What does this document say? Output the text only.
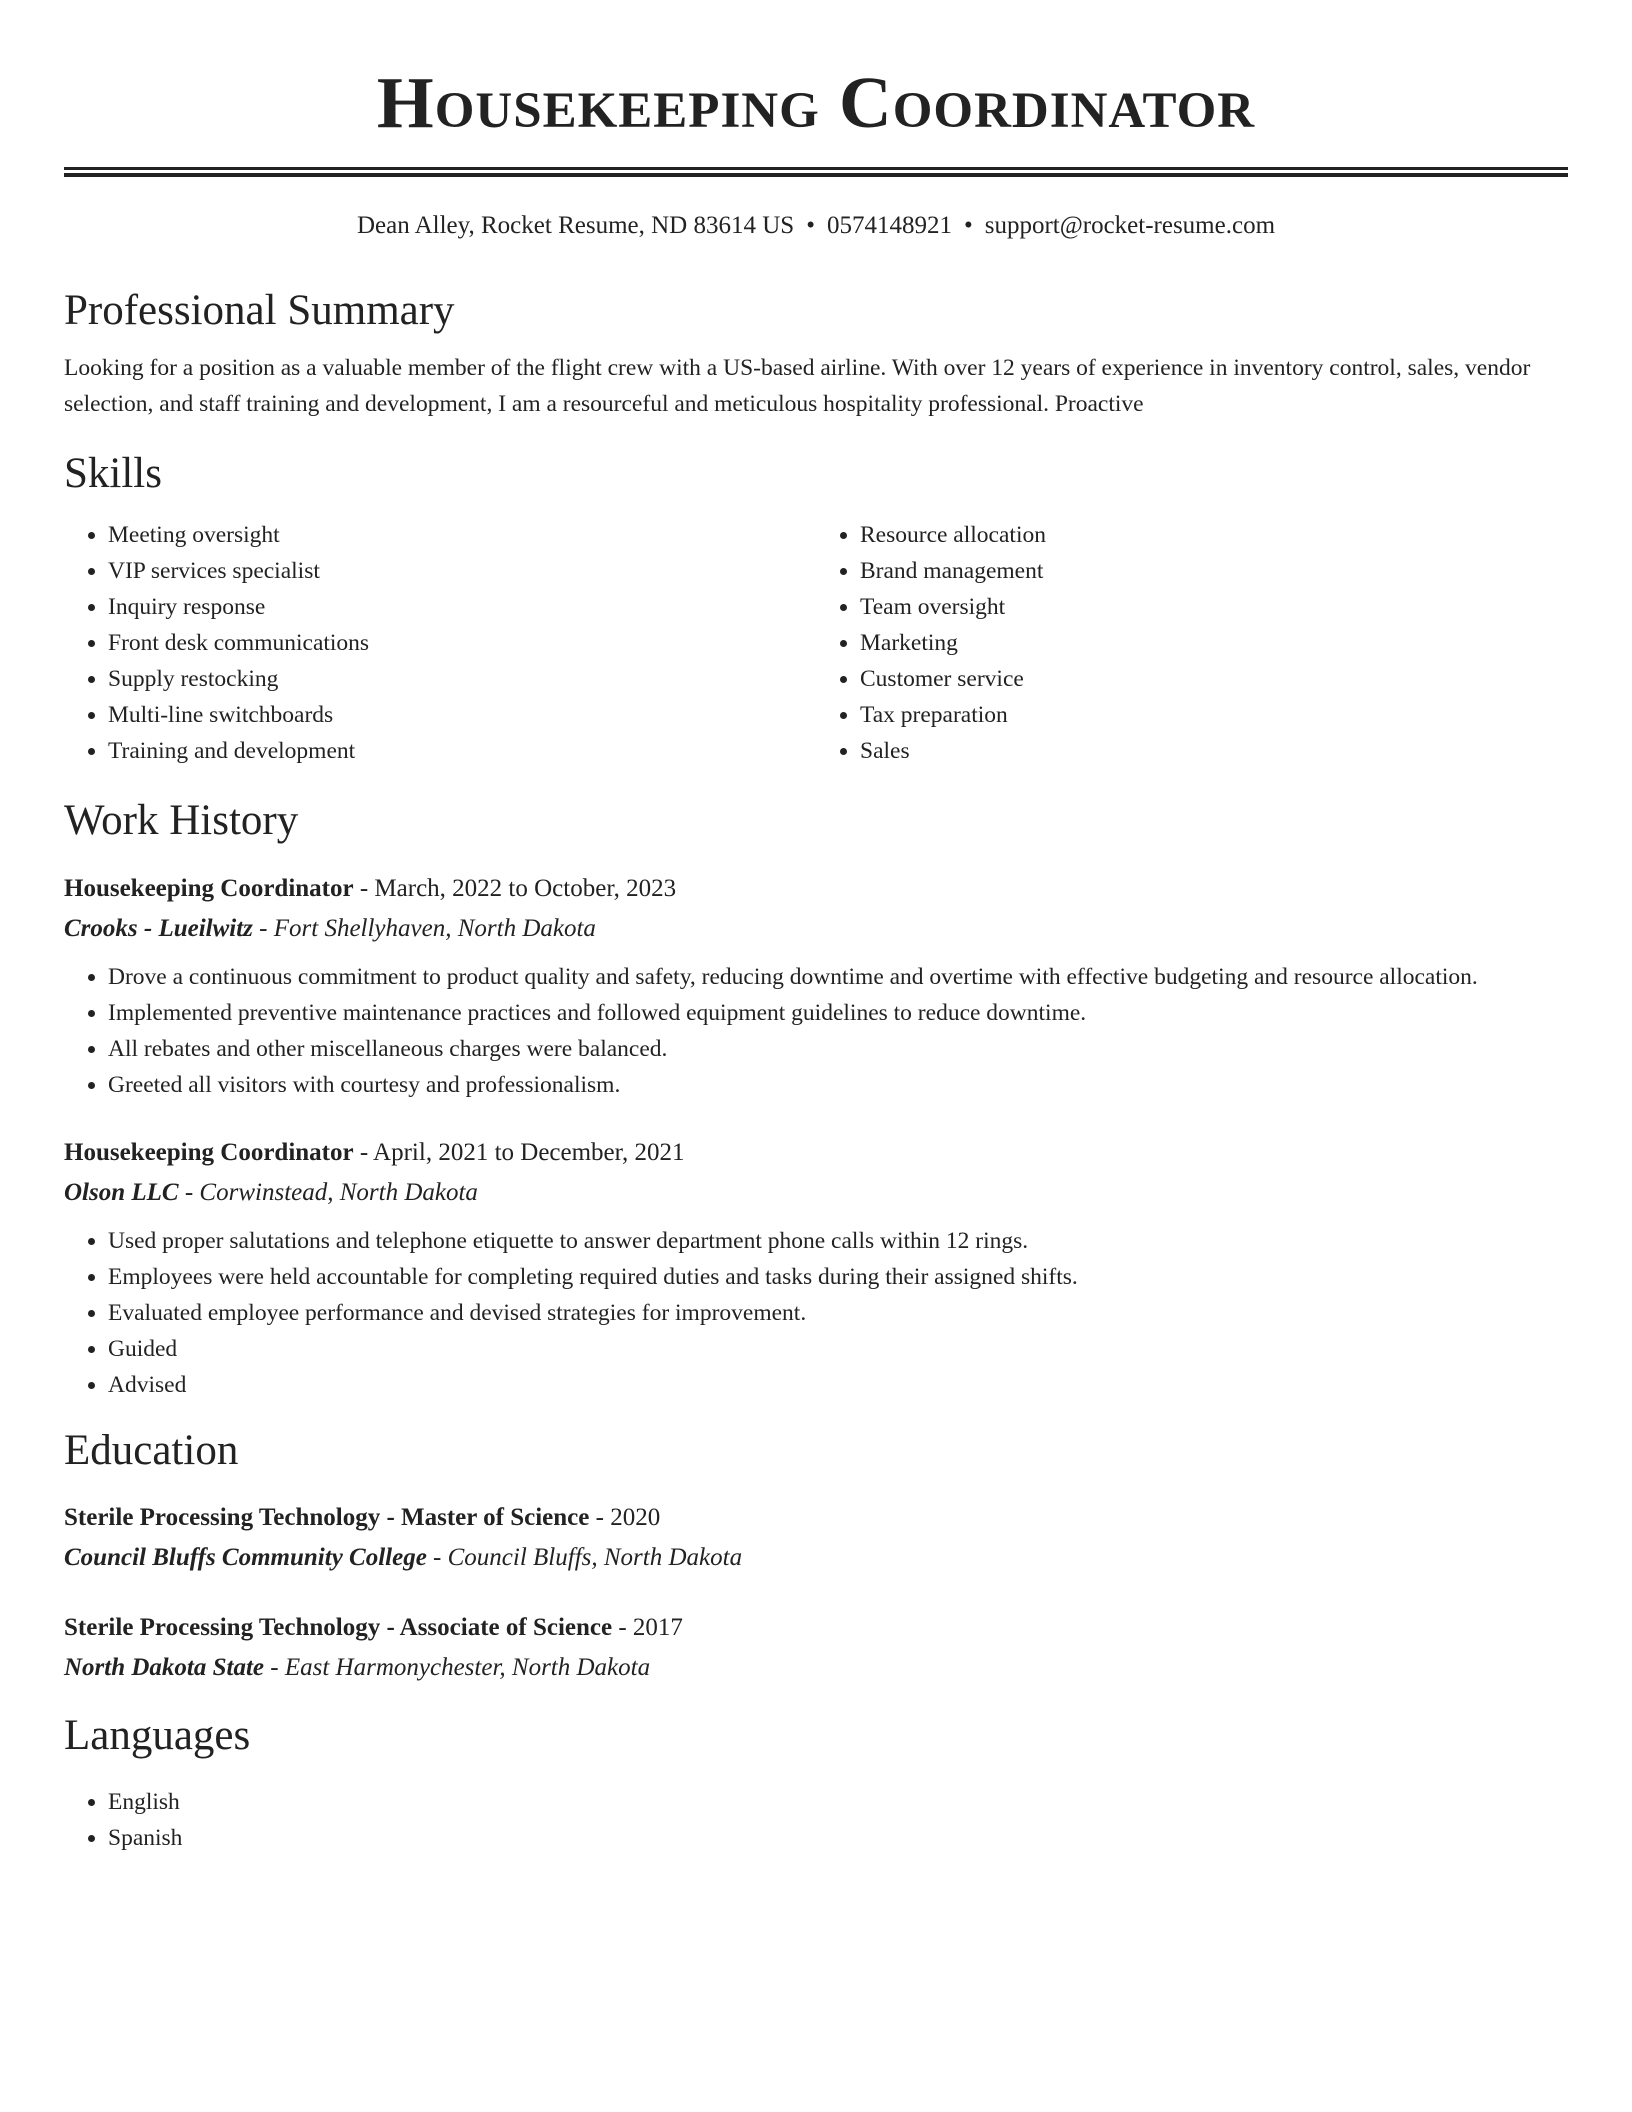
Housekeeping Coordinator
Dean Alley, Rocket Resume, ND 83614 US • 0574148921 • support@rocket-resume.com
Professional Summary

Looking for a position as a valuable member of the flight crew with a US-based airline. With over 12 years of experience in inventory control, sales, vendor selection, and staff training and development, I am a resourceful and meticulous hospitality professional. Proactive

Skills
• Meeting oversight
• VIP services specialist
• Inquiry response
• Front desk communications
• Supply restocking
• Multi-line switchboards
• Training and development
• Resource allocation
• Brand management
• Team oversight
• Marketing
• Customer service
• Tax preparation
• Sales
Work History
Housekeeping Coordinator - March, 2022 to October, 2023
Crooks - Lueilwitz - Fort Shellyhaven, North Dakota
• Drove a continuous commitment to product quality and safety, reducing downtime and overtime with effective budgeting and resource allocation.
• Implemented preventive maintenance practices and followed equipment guidelines to reduce downtime.
• All rebates and other miscellaneous charges were balanced.
• Greeted all visitors with courtesy and professionalism.
Housekeeping Coordinator - April, 2021 to December, 2021
Olson LLC - Corwinstead, North Dakota
• Used proper salutations and telephone etiquette to answer department phone calls within 12 rings.
• Employees were held accountable for completing required duties and tasks during their assigned shifts.
• Evaluated employee performance and devised strategies for improvement.
• Guided
• Advised
Education
Sterile Processing Technology - Master of Science - 2020
Council Bluffs Community College - Council Bluffs, North Dakota
Sterile Processing Technology - Associate of Science - 2017
North Dakota State - East Harmonychester, North Dakota
Languages
• English
• Spanish
